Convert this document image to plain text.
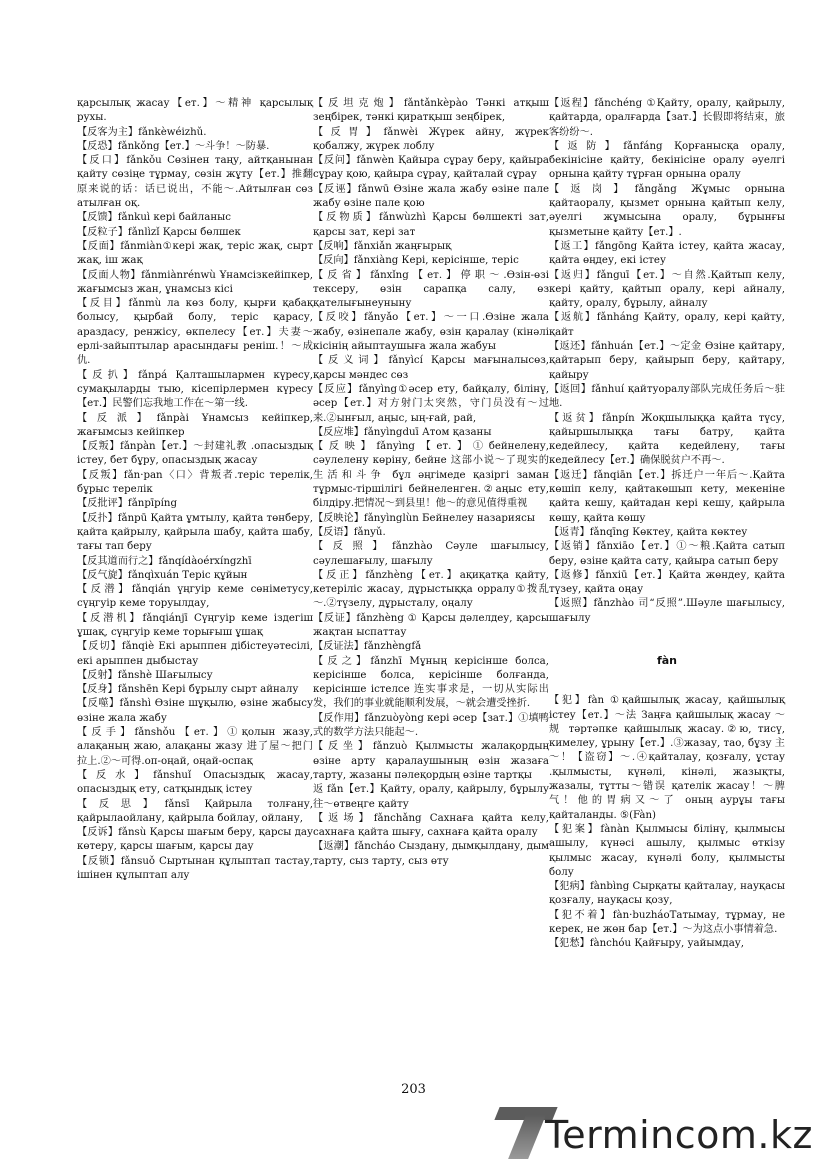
қарсылық жасау【ет.】～精神 қарсылық рухы.

【反客为主】fǎnkèwéizhǔ.

【反恐】fǎnkǒng【ет.】～斗争！～防暴.

【反口】fǎnkǒu Сөзінен таңу, айтқанынан қайту сөзіңе тұрмау, сөзін жұту【ет.】推翻原来说的话：话已说出，不能～.Айтылған сөз атылған оқ.

【反馈】fǎnkuì кері байланыс

【反粒子】fǎnlìzǐ Қарсы бөлшек

【反面】fǎnmiàn①кері жақ, теріс жақ, сырт жақ, іш жақ

【反面人物】fǎnmiànrénwù Ұнамсізкейіпкер, жағымсыз жан, ұнамсыз кісі

【反目】fǎnmù ла көз болу, қырғи қабақ болысу, қырбай болу, теріс қарасу, араздасу, ренжісу, өкпелесу【ет.】夫妻～ерлі-зайыптылар арасындағы реніш.！～成仇.

【反扒】fǎnpá Қалташылармен күресу, сумақыларды тыю, кісепірлермен күресу【ет.】民警们忘我地工作在～第一线.

【反派】fǎnpài Ұнамсыз кейіпкер, жағымсыз кейіпкер

【反叛】fǎnpàn【ет.】～封建礼教 .опасыздық істеу, бет бұру, опасыздық жасау

【反叛】fǎn·pan〈口〉背叛者.теріс терелік, бұрыс терелік

【反批评】fǎnpīpíng

【反扑】fǎnpū Қайта ұмтылу, қайта төнберу, қайта қайрылу, қайрыла шабу, қайта шабу, тағы тап беру

【反其道而行之】fǎnqídàoérxíngzhī

【反气旋】fǎnqìxuán Теріс құйын

【反潜】fǎnqián үңгуір кеме сөніметусу, сүңгуір кеме торуылдау,

【反潜机】fǎnqiánjī Сүңгуір кеме іздегіш ұшақ, сүңгуір кеме торығыш ұшақ

【反切】fǎnqiè Екі арыппен дібістеуәтесілі, екі арыппен дыбыстау

【反射】fǎnshè Шағылысу

【反身】fǎnshēn Кері бұрылу сырт айналу

【反噬】fǎnshì Өзіне шұқылю, өзіне жабысу өзіне жала жабу

【反手】fǎnshǒu【ет.】①қолын жазу, алақаның жаю, алақаны жазу 进了屋～把门拉上.②～可得.оп-оңай, оңай-оспақ

【反水】fǎnshuǐ Опасыздық жасау, опасыздық ету, сатқындық істеу

【反思】fǎnsī Қайрыла толғану, қайрылаойлану, қайрыла бойлау, ойлану,

【反诉】fǎnsù Қарсы шағым беру, қарсы дау көтеру, қарсы шағым, қарсы дау

【反锁】fǎnsuǒ Сыртынан құлыптап тастау, ішінен құлыптап алу

【反坦克炮】fǎntǎnkèpào Тәнкі атқыш зеңбірек, тәнкі қиратқыш зеңбірек,

【反胃】fǎnwèi Жүрек айну, жүрек қобалжу, жүрек лоблу

【反问】fǎnwèn Қайыра сұрау беру, қайыра сұрау қою, қайыра сұрау, қайталай сұрау

【反诬】fǎnwū Өзіне жала жабу өзіне пале жабу өзіне пале қою

【反物质】fǎnwùzhì Қарсы бөлшекті зат, қарсы зат, кері зат

【反响】fǎnxiǎn жаңғырық

【反向】fǎnxiàng Кері, керісінше, теріс

【反省】fǎnxǐng【ет.】停职～.Өзін-өзі тексеру, өзін сарапқа салу, өз қателығынеуныну

【反咬】fǎnyǎo【ет.】～一口.Өзіне жала жабу, өзінепале жабу, өзін қаралау (кінәлі кісінің айыптаушыға жала жабуы

【反义词】fǎnyìcí Қарсы мағыналысөз, қарсы мәндес сөз

【反应】fǎnyìng①әсер ету, байқалу, білінү, әсер【ет.】对方射门太突然，守门员没有～过来.②ынғыл, аңыс, ың-ғай, рай,

【反应堆】fǎnyìngduī Атом қазаны

【反映】fǎnyìng【ет.】①бейнелену, сәулелену көріну, бейне 这部小说～了现实的生活和斗争 бұл әңгімеде қазіргі заман тұрмыс-тіршілігі бейнеленген.②аңыс ету, білдіру.把情况～到县里！他～的意见值得重视

【反映论】fǎnyìnglùn Бейнелеу назариясы

【反语】fǎnyǔ.

【反照】fǎnzhào Сәуле шағылысу, сәулешағылу, шағылу

【反正】fǎnzhèng【ет.】ақиқатқа қайту, кетеріліс жасау, дұрыстыққа орралу①拨乱～.②түзелу, дұрысталу, оңалу

【反证】fǎnzhèng ① Қарсы дәлелдеу, қарсы жақтан ыспаттау

【反证法】fǎnzhèngfǎ

【反之】fǎnzhī Мұның керісінше болса, керісінше болса, керісінше болғанда, керісінше істелсе 连实事求是，一切从实际出发，我们的事业就能顺利发展，～就会遭受挫折.

【反作用】fǎnzuòyòng кері әсер【зат.】①填鸭式的数学方法只能起～.

【反坐】fǎnzuò Қылмысты жалақордың өзіне арту қаралаушының өзін жазаға тарту, жазаны пәлеқордың өзіне тартқы

返 fǎn【ет.】Қайту, оралу, қайрылу, бұрылу 往～өтвеңге қайту

【返场】fǎnchǎng Сахнаға қайта келу, сахнаға қайта шығу, сахнаға қайта оралу

【返潮】fǎncháo Сыздану, дымқылдану, дым тарту, сыз тарту, сыз өту

【返程】fǎnchéng ①Қайту, оралу, қайрылу, қайтарда, оралғарда【зат.】长假即将结束，旅客纷纷～.

【返防】fǎnfáng Қорғанысқа оралу, бекінісіне қайту, бекінісіне оралу әуелгі орнына қайту тұрған орнына оралу

【返岗】fǎngǎng Жұмыс орнына қайтаоралу, қызмет орнына қайтып келу, әуелгі жұмысына оралу, бұрынғы қызметыне қайту【ет.】.

【返工】fǎngōng Қайта істеу, қайта жасау, қайта өңдеу, екі істеу

【返归】fǎnguī【ет.】～自然.Қайтып келу, кері қайту, қайтып оралу, кері айналу, қайту, оралу, бұрылу, айналу

【返航】fǎnháng Қайту, оралу, кері қайту, қайт

【返还】fǎnhuán【ет.】～定金 Өзіне қайтару, қайтарып беру, қайырып беру, қайтару, қайыру

【返回】fǎnhuí қайтуоралу部队完成任务后～驻地.

【返贫】fǎnpín Жоқшылыққа қайта түсу, қайыршылыққа тағы батру, қайта кедейлесу, қайта кедейлену, тағы кедейлесу【ет.】确保脱贫户不再～.

【返迁】fǎnqiān【ет.】拆迁户一年后～.Қайта көшіп келу, қайтакөшып кету, мекеніне қайта кешу, қайтадан кері кешу, қайрыла көшу, қайта көшу

【返青】fǎnqīng Көктеу, қайта көктеу

【返销】fǎnxiāo【ет.】①～粮.Қайта сатып беру, өзіне қайта сату, қайыра сатып беру

【返修】fǎnxiū【ет.】Қайта жөндеу, қайта түзеу, қайта оңау

【返照】fǎnzhào 司“反照”.Шәуле шағылысу, шағылу

fàn

【犯】fàn ①қайшылық жасау, қайшылық істеу【ет.】～法 Заңға қайшылық жасау ～规 тәртәпке қайшылық жасау.②ю, тисү, кимелеу, ұрыну【ет.】.③жазау, тао, бұзу 主～！【盗窃】～.④қайталау, қозғалу, ұстау .қылмысты, күнәлі, кінәлі, жазықты, жазалы, тұтты～错误 қателік жасау！～脾气！他的胃病又～了 оның аурұы тағы қайталанды. ⑤(Fàn)

【犯案】fànàn Қылмысы білінү, қылмысы ашылу, күнәсі ашылу, қылмыс өткізу қылмыс жасау, күнәлі болу, қылмысты болу

【犯病】fànbìng Сырқаты қайталау, науқасы қозғалу, науқасы қозу,

【犯不着】fàn·buzháoТатымау, тұрмау, не керек, не жөн бар【ет.】～为这点小事情着急.

【犯愁】fànchóu Қайғыру, уайымдау,

203
Termincom.kz
